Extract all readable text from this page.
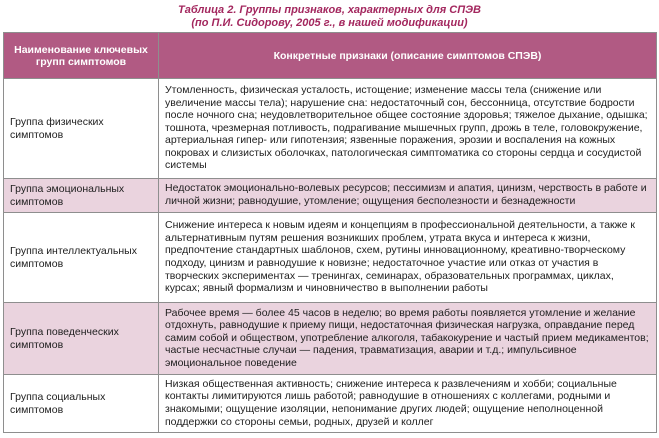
Таблица 2. Группы признаков, характерных для СПЭВ
(по П.И. Сидорову, 2005 г., в нашей модификации)
Наименование ключевых групп симптомов	Конкретные признаки (описание симптомов СПЭВ)
Группа физических симптомов	Утомленность, физическая усталость, истощение; изменение массы тела (снижение или увеличение массы тела); нарушение сна: недостаточный сон, бессонница, отсутствие бодрости после ночного сна; неудовлетворительное общее состояние здоровья; тяжелое дыхание, одышка; тошнота, чрезмерная потливость, подрагивание мышечных групп, дрожь в теле, головокружение, артериальная гипер- или гипотензия; язвенные поражения, эрозии и воспаления на кожных покровах и слизистых оболочках, патологическая симптоматика со стороны сердца и сосудистой системы
Группа эмоциональных симптомов	Недостаток эмоционально-волевых ресурсов; пессимизм и апатия, цинизм, черствость в работе и личной жизни; равнодушие, утомление; ощущения бесполезности и безнадежности
Группа интеллектуальных симптомов	Снижение интереса к новым идеям и концепциям в профессиональной деятельности, а также к альтернативным путям решения возникших проблем, утрата вкуса и интереса к жизни, предпочтение стандартных шаблонов, схем, рутины инновационному, креативно-творческому подходу, цинизм и равнодушие к новизне; недостаточное участие или отказ от участия в творческих экспериментах — тренингах, семинарах, образовательных программах, циклах, курсах; явный формализм и чиновничество в выполнении работы
Группа поведенческих симптомов	Рабочее время — более 45 часов в неделю; во время работы появляется утомление и желание отдохнуть, равнодушие к приему пищи, недостаточная физическая нагрузка, оправдание перед самим собой и обществом, употребление алкоголя, табакокурение и частый прием медикаментов; частые несчастные случаи — падения, травматизация, аварии и т.д.; импульсивное эмоциональное поведение
Группа социальных симптомов	Низкая общественная активность; снижение интереса к развлечениям и хобби; социальные контакты лимитируются лишь работой; равнодушие в отношениях с коллегами, родными и знакомыми; ощущение изоляции, непонимание других людей; ощущение неполноценной поддержки со стороны семьи, родных, друзей и коллег
